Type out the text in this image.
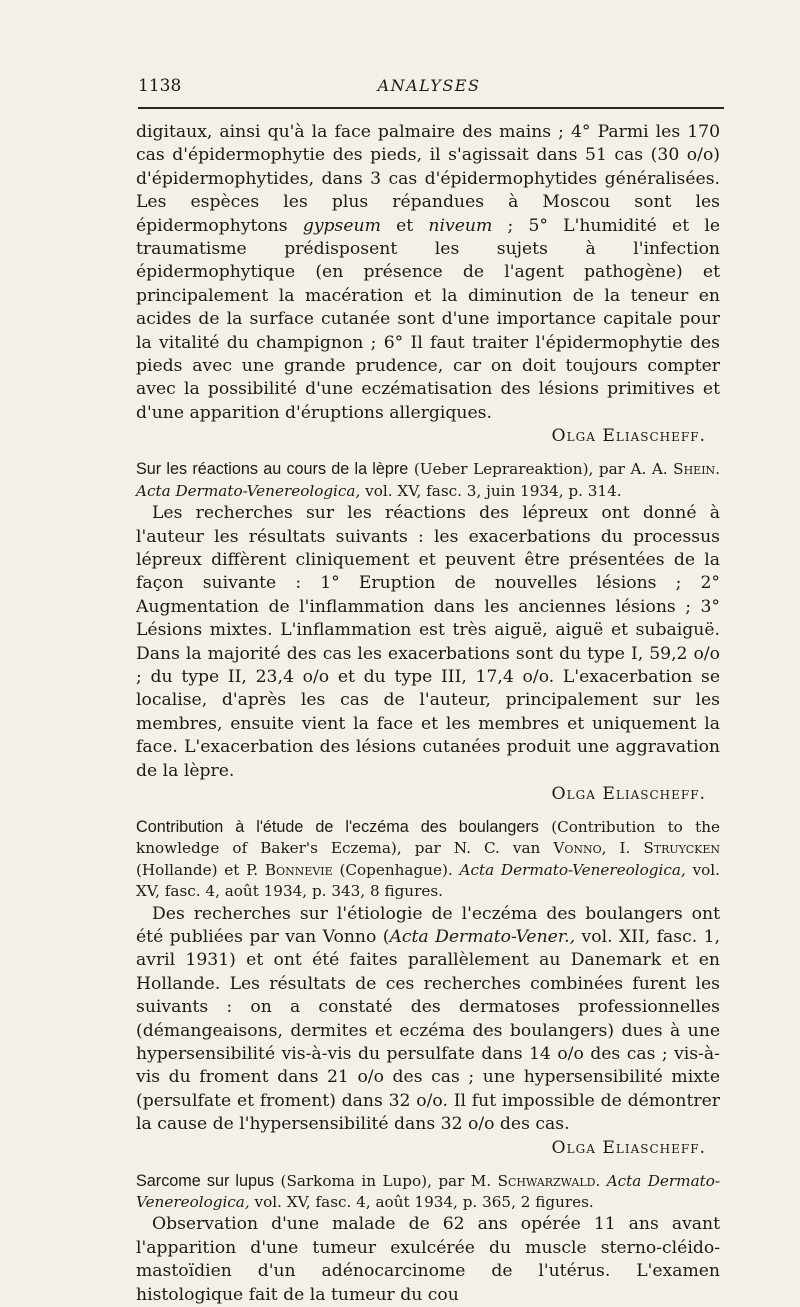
1138	ANALYSES

digitaux, ainsi qu'à la face palmaire des mains ; 4° Parmi les 170 cas d'épidermophytie des pieds, il s'agissait dans 51 cas (30 o/o) d'épidermophytides, dans 3 cas d'épidermophytides généralisées. Les espèces les plus répandues à Moscou sont les épidermophytons gypseum et niveum ; 5° L'humidité et le traumatisme prédisposent les sujets à l'infection épidermophytique (en présence de l'agent pathogène) et principalement la macération et la diminution de la teneur en acides de la surface cutanée sont d'une importance capitale pour la vitalité du champignon ; 6° Il faut traiter l'épidermophytie des pieds avec une grande prudence, car on doit toujours compter avec la possibilité d'une eczématisation des lésions primitives et d'une apparition d'éruptions allergiques.

Olga Eliascheff.

Sur les réactions au cours de la lèpre (Ueber Leprareaktion), par A. A. Shein. Acta Dermato-Venereologica, vol. XV, fasc. 3, juin 1934, p. 314.

Les recherches sur les réactions des lépreux ont donné à l'auteur les résultats suivants : les exacerbations du processus lépreux diffèrent cliniquement et peuvent être présentées de la façon suivante : 1° Eruption de nouvelles lésions ; 2° Augmentation de l'inflammation dans les anciennes lésions ; 3° Lésions mixtes. L'inflammation est très aiguë, aiguë et subaiguë. Dans la majorité des cas les exacerbations sont du type I, 59,2 o/o ; du type II, 23,4 o/o et du type III, 17,4 o/o. L'exacerbation se localise, d'après les cas de l'auteur, principalement sur les membres, ensuite vient la face et les membres et uniquement la face. L'exacerbation des lésions cutanées produit une aggravation de la lèpre.

Olga Eliascheff.

Contribution à l'étude de l'eczéma des boulangers (Contribution to the knowledge of Baker's Eczema), par N. C. van Vonno, I. Struycken (Hollande) et P. Bonnevie (Copenhague). Acta Dermato-Venereologica, vol. XV, fasc. 4, août 1934, p. 343, 8 figures.

Des recherches sur l'étiologie de l'eczéma des boulangers ont été publiées par van Vonno (Acta Dermato-Vener., vol. XII, fasc. 1, avril 1931) et ont été faites parallèlement au Danemark et en Hollande. Les résultats de ces recherches combinées furent les suivants : on a constaté des dermatoses professionnelles (démangeaisons, dermites et eczéma des boulangers) dues à une hypersensibilité vis-à-vis du persulfate dans 14 o/o des cas ; vis-à-vis du froment dans 21 o/o des cas ; une hypersensibilité mixte (persulfate et froment) dans 32 o/o. Il fut impossible de démontrer la cause de l'hypersensibilité dans 32 o/o des cas.

Olga Eliascheff.

Sarcome sur lupus (Sarkoma in Lupo), par M. Schwarzwald. Acta Dermato-Venereologica, vol. XV, fasc. 4, août 1934, p. 365, 2 figures.

Observation d'une malade de 62 ans opérée 11 ans avant l'apparition d'une tumeur exulcérée du muscle sterno-cléido-mastoïdien d'un adénocarcinome de l'utérus. L'examen histologique fait de la tumeur du cou
